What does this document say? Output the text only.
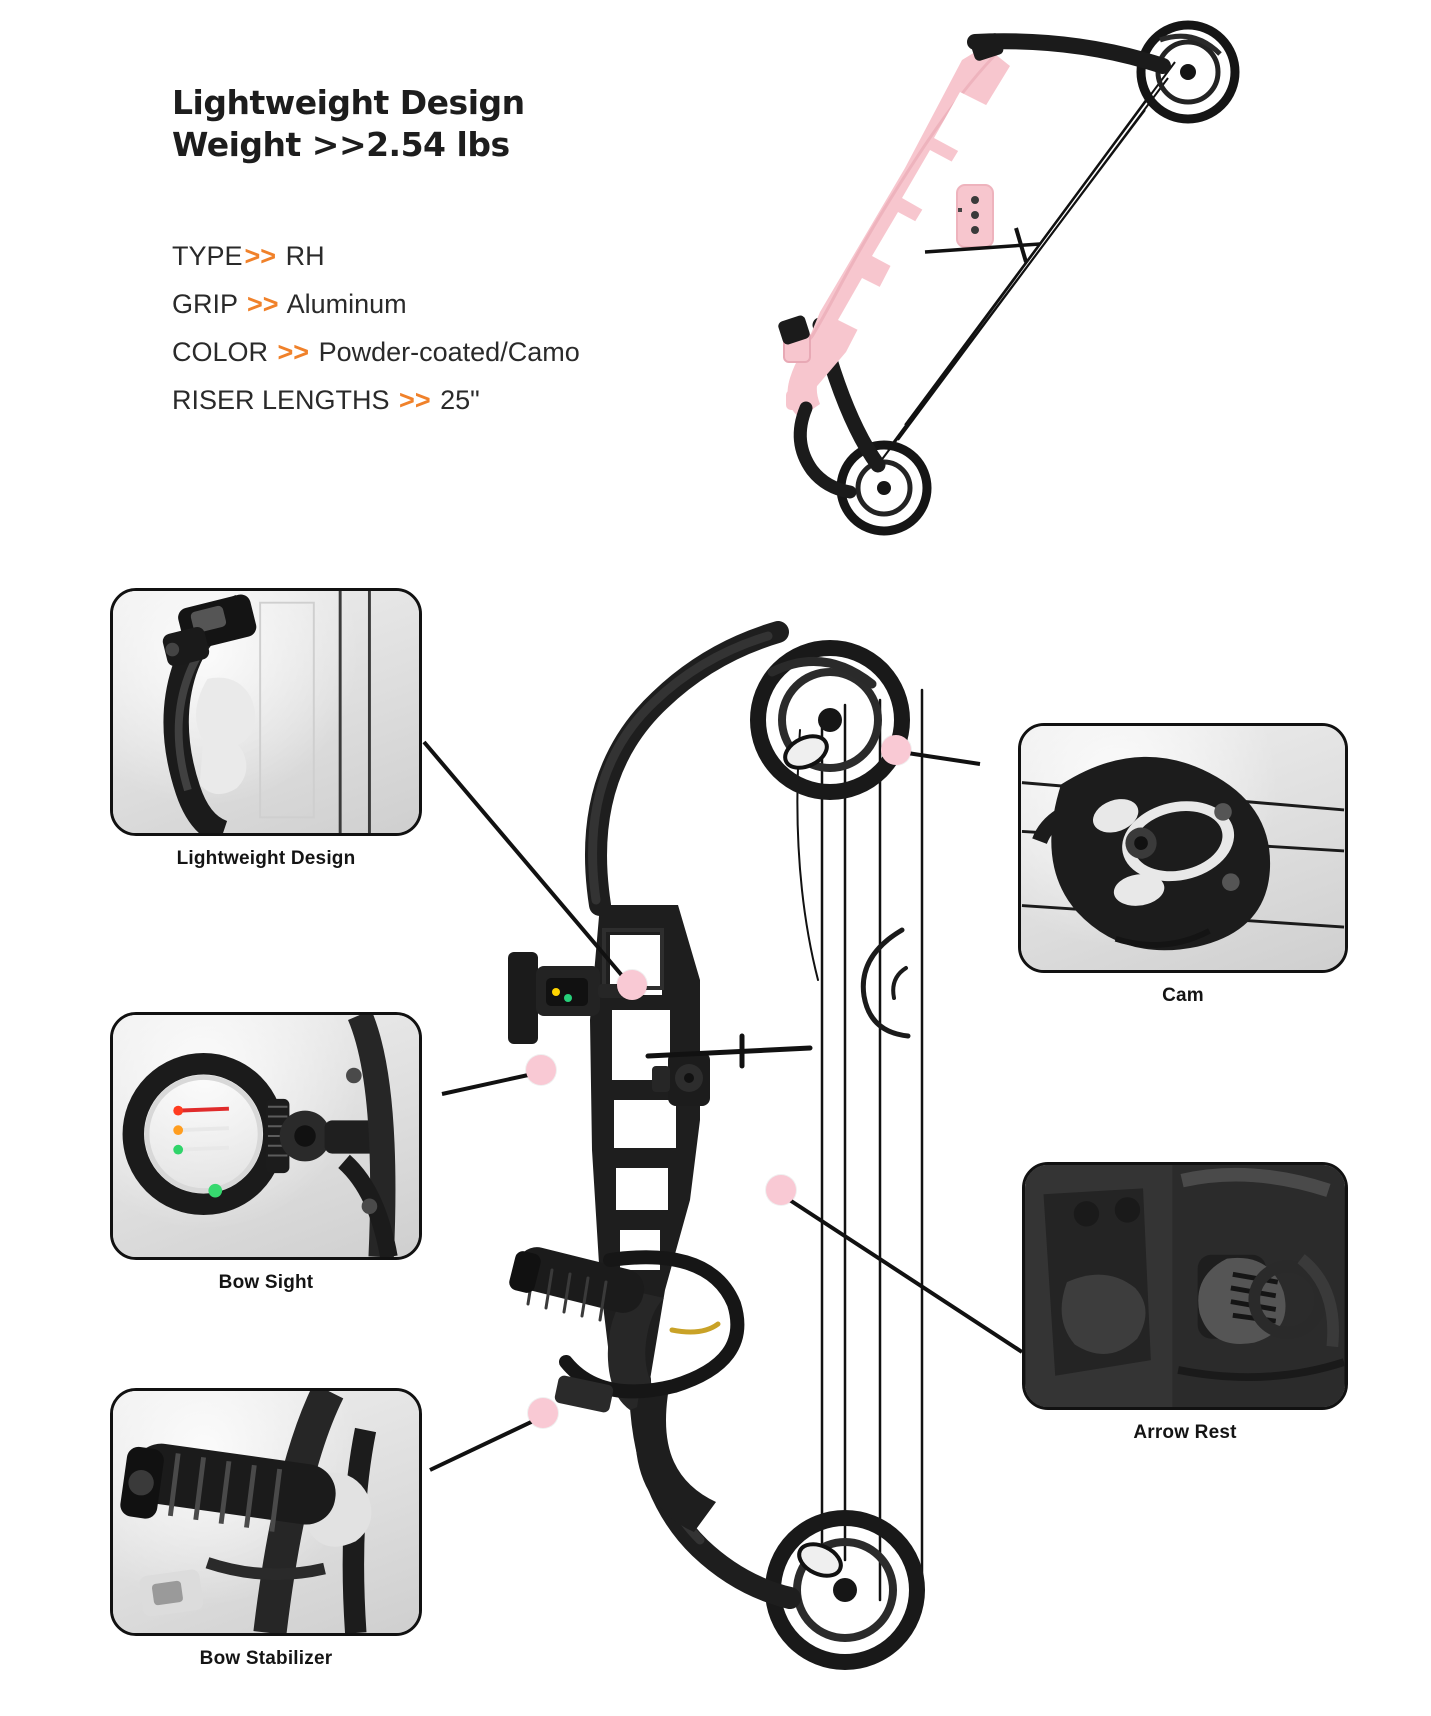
Lightweight Design
Weight >>2.54 lbs
TYPE>> RH
GRIP >> Aluminum
COLOR >> Powder-coated/Camo
RISER LENGTHS >> 25"
Lightweight Design
Cam
Bow Sight
Arrow Rest
Bow Stabilizer
